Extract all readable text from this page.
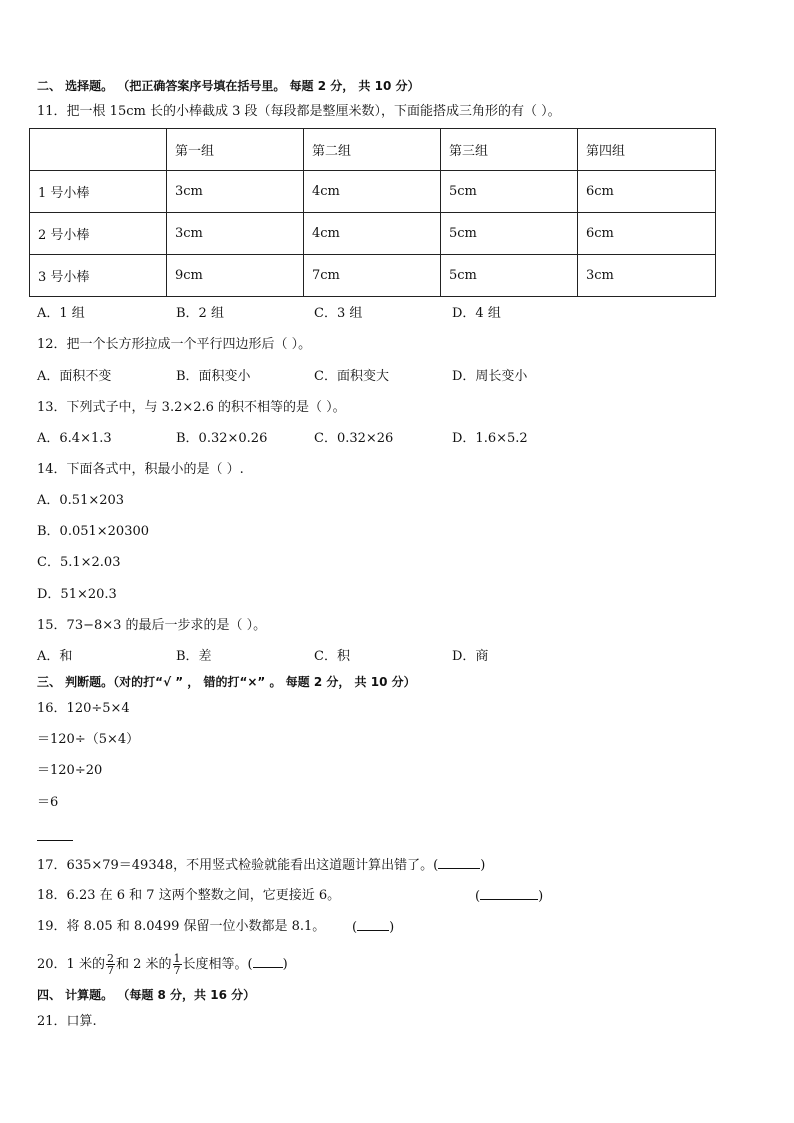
二、 选择题。 （把正确答案序号填在括号里。 每题 2 分， 共 10 分）
11．把一根 15cm 长的小棒截成 3 段（每段都是整厘米数），下面能搭成三角形的有（ ）。
	第一组	第二组	第三组	第四组
1 号小棒	3cm	4cm	5cm	6cm
2 号小棒	3cm	4cm	5cm	6cm
3 号小棒	9cm	7cm	5cm	3cm
A．1 组	B．2 组	C．3 组	D．4 组
12．把一个长方形拉成一个平行四边形后（ ）。
A．面积不变	B．面积变小	C．面积变大	D．周长变小
13．下列式子中，与 3.2×2.6 的积不相等的是（ ）。
A．6.4×1.3	B．0.32×0.26	C．0.32×26	D．1.6×5.2
14．下面各式中，积最小的是（ ）.
A．0.51×203
B．0.051×20300
C．5.1×2.03
D．51×20.3
15．73−8×3 的最后一步求的是（ ）。
A．和	B．差	C．积	D．商
三、 判断题。（对的打“√ ” ， 错的打“×” 。 每题 2 分， 共 10 分）
16．120÷5×4
＝120÷（5×4）
＝120÷20
＝6
17．635×79＝49348，不用竖式检验就能看出这道题计算出错了。(	)
18．6.23 在 6 和 7 这两个整数之间，它更接近 6。	(	)
19．将 8.05 和 8.0499 保留一位小数都是 8.1。 ( )
20．1 米的 $\frac{2}{7}$ 和 2 米的 $\frac{1}{7}$ 长度相等。( )
四、 计算题。 （每题 8 分，共 16 分）
21．口算.
